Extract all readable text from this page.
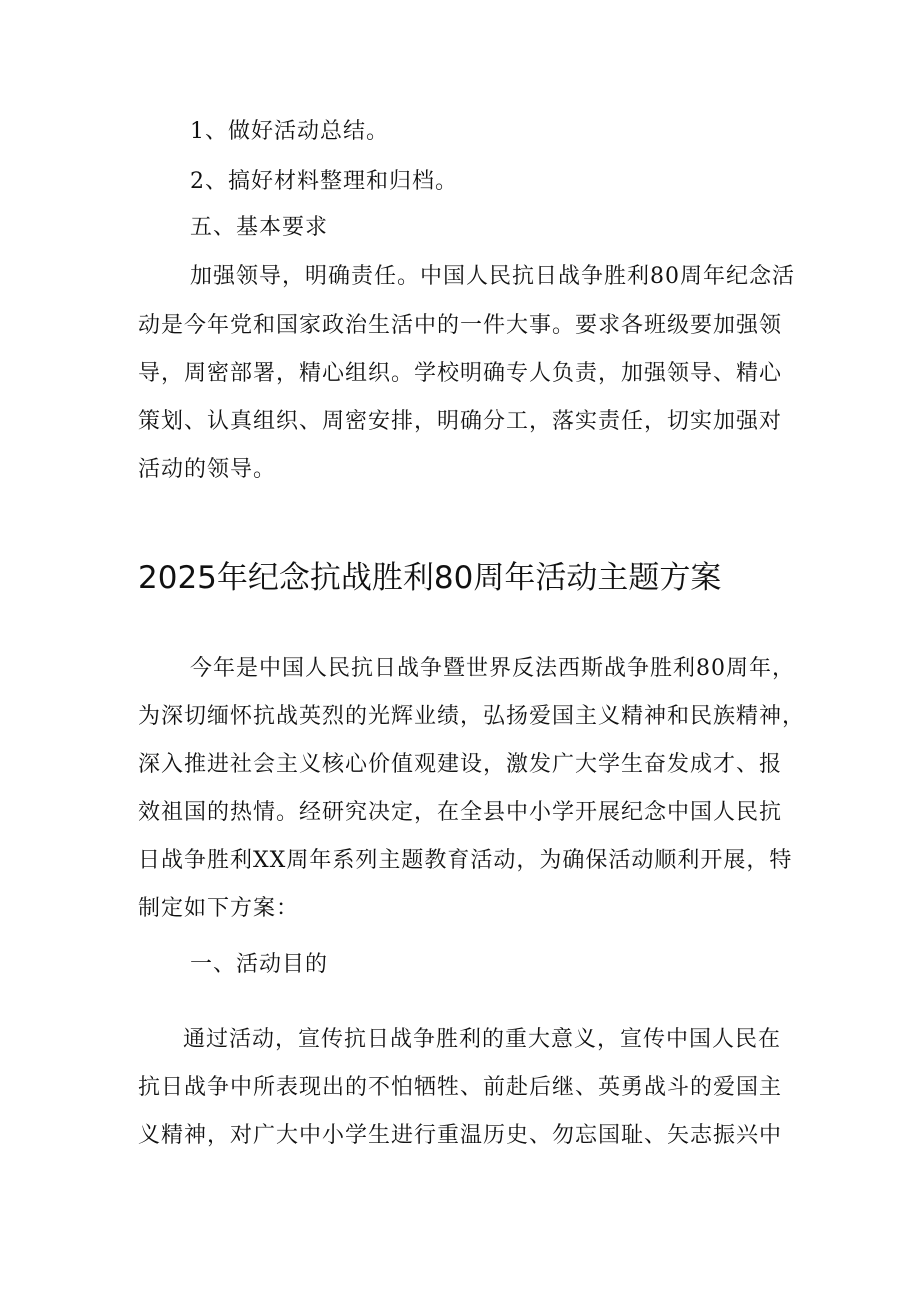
1、做好活动总结。
2、搞好材料整理和归档。
五、基本要求
加强领导，明确责任。中国人民抗日战争胜利80周年纪念活
动是今年党和国家政治生活中的一件大事。要求各班级要加强领
导，周密部署，精心组织。学校明确专人负责，加强领导、精心
策划、认真组织、周密安排，明确分工，落实责任，切实加强对
活动的领导。
2025年纪念抗战胜利80周年活动主题方案
今年是中国人民抗日战争暨世界反法西斯战争胜利80周年，
为深切缅怀抗战英烈的光辉业绩，弘扬爱国主义精神和民族精神，
深入推进社会主义核心价值观建设，激发广大学生奋发成才、报
效祖国的热情。经研究决定，在全县中小学开展纪念中国人民抗
日战争胜利XX周年系列主题教育活动，为确保活动顺利开展，特
制定如下方案：
一、活动目的
通过活动，宣传抗日战争胜利的重大意义，宣传中国人民在
抗日战争中所表现出的不怕牺牲、前赴后继、英勇战斗的爱国主
义精神，对广大中小学生进行重温历史、勿忘国耻、矢志振兴中
